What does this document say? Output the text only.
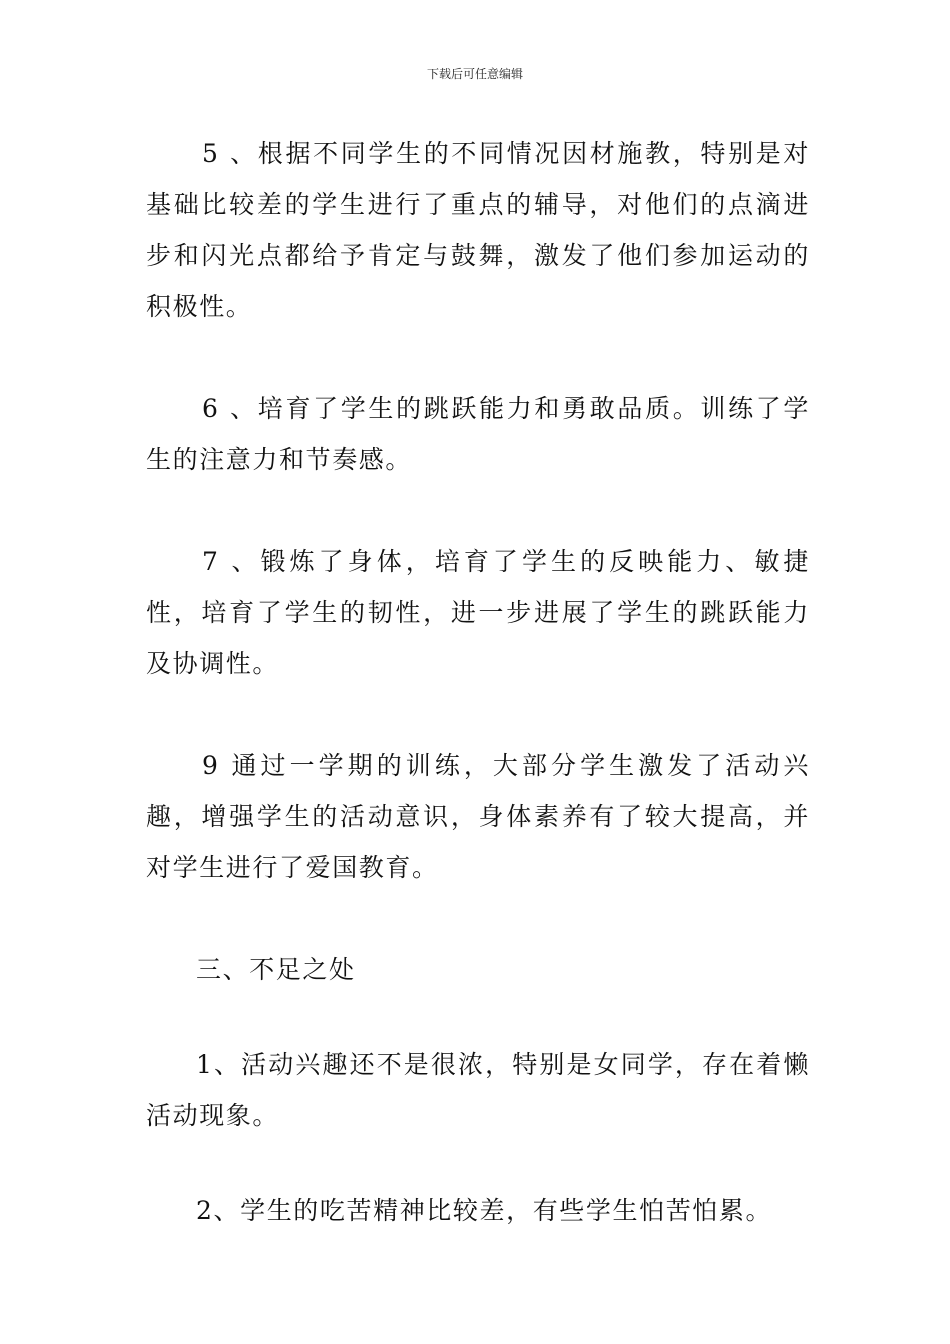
下载后可任意编辑

5 、根据不同学生的不同情况因材施教，特别是对基础比较差的学生进行了重点的辅导，对他们的点滴进步和闪光点都给予肯定与鼓舞，激发了他们参加运动的积极性。

6 、培育了学生的跳跃能力和勇敢品质。训练了学生的注意力和节奏感。

7 、锻炼了身体，培育了学生的反映能力、敏捷性，培育了学生的韧性，进一步进展了学生的跳跃能力及协调性。

9 通过一学期的训练，大部分学生激发了活动兴趣，增强学生的活动意识，身体素养有了较大提高，并对学生进行了爱国教育。

三、不足之处

1、活动兴趣还不是很浓，特别是女同学，存在着懒活动现象。

2、学生的吃苦精神比较差，有些学生怕苦怕累。
